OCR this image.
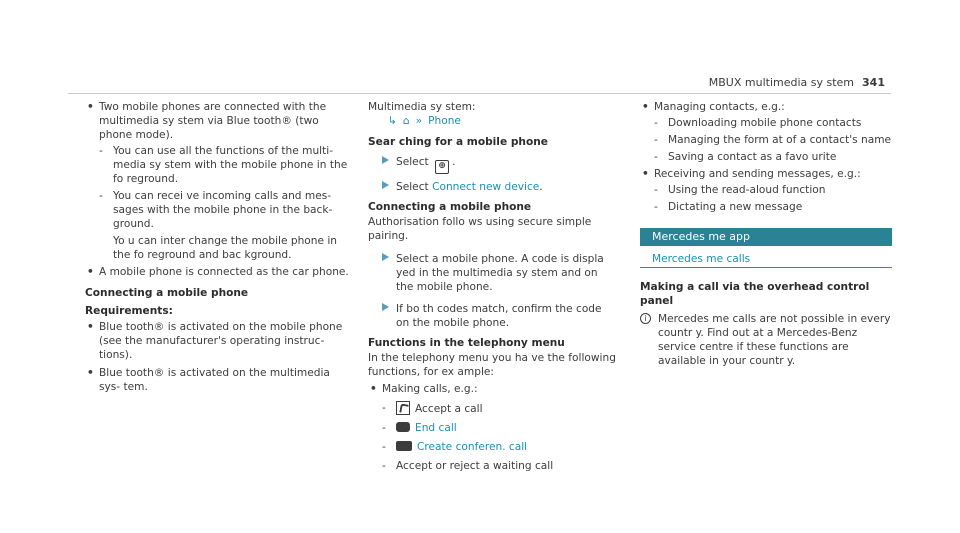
MBUX multimedia sy stem 341
• Two mobile phones are connected with the multimedia sy stem via Blue tooth® (two phone mode).
- You can use all the functions of the multi‐ media sy stem with the mobile phone in the fo reground.
- You can recei ve incoming calls and mes‐ sages with the mobile phone in the back‐ ground.
Yo u can inter change the mobile phone in the fo reground and bac kground.
• A mobile phone is connected as the car phone.
Connecting a mobile phone
Requirements:
• Blue tooth® is activated on the mobile phone (see the manufacturer's operating instruc‐ tions).
• Blue tooth® is activated on the multimedia sys‐ tem.
Multimedia sy stem:
↳ ⌂ » Phone
Sear ching for a mobile phone
Select ⊕ .
Select Connect new device.
Connecting a mobile phone
Authorisation follo ws using secure simple pairing.
Select a mobile phone. A code is displa yed in the multimedia sy stem and on the mobile phone.
If bo th codes match, confirm the code on the mobile phone.
Functions in the telephony menu
In the telephony menu you ha ve the following functions, for ex ample:
• Making calls, e.g.:
- Accept a call
- End call
- Create conferen. call
- Accept or reject a waiting call
• Managing contacts, e.g.:
- Downloading mobile phone contacts
- Managing the form at of a contact's name
- Saving a contact as a favo urite
• Receiving and sending messages, e.g.:
- Using the read-aloud function
- Dictating a new message
Mercedes me app
Mercedes me calls
Making a call via the overhead control panel
i	Mercedes me calls are not possible in every countr y. Find out at a Mercedes-Benz service centre if these functions are available in your countr y.
